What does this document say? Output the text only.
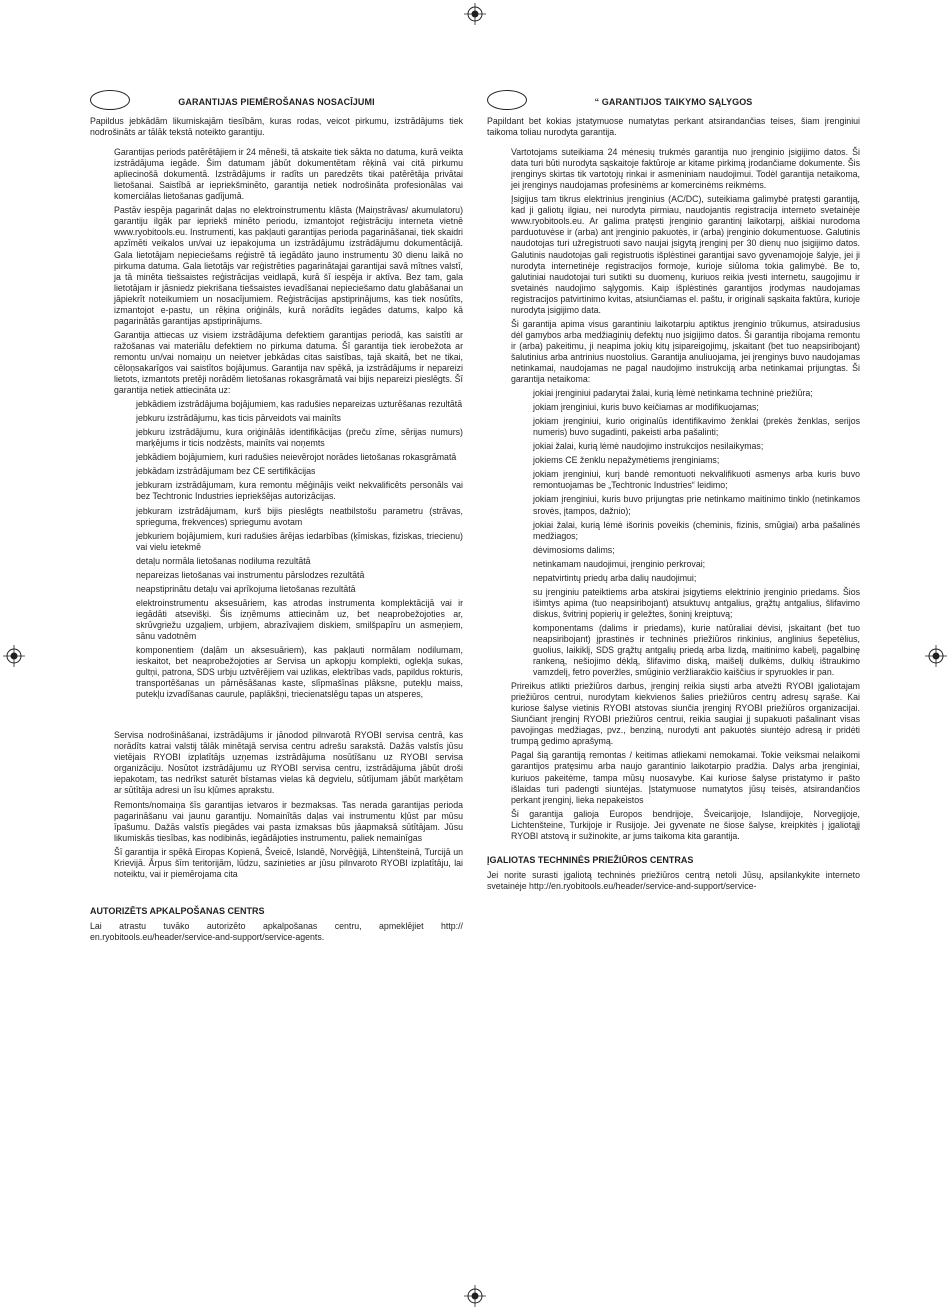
GARANTIJAS PIEMĒROŠANAS NOSACĪJUMI

Papildus jebkādām likumiskajām tiesībām, kuras rodas, veicot pirkumu, izstrādājums tiek nodrošināts ar tālāk tekstā noteikto garantiju.

Garantijas periods patērētājiem ir 24 mēneši, tā atskaite tiek sākta no datuma, kurā veikta izstrādājuma iegāde. Šim datumam jābūt dokumentētam rēķinā vai citā pirkumu apliecinošā dokumentā. Izstrādājums ir radīts un paredzēts tikai patērētāja privātai lietošanai. Saistībā ar iepriekšminēto, garantija netiek nodrošināta profesionālas vai komerciālas lietošanas gadījumā.

Pastāv iespēja pagarināt daļas no elektroinstrumentu klāsta (Maiņstrāvas/ akumulatoru) garantiju ilgāk par iepriekš minēto periodu, izmantojot reģistrāciju interneta vietnē www.ryobitools.eu. Instrumenti, kas pakļauti garantijas perioda pagarināšanai, tiek skaidri apzīmēti veikalos un/vai uz iepakojuma un izstrādājumu izstrādājumu dokumentācijā. Gala lietotājam nepieciešams reģistrē tā iegādāto jauno instrumentu 30 dienu laikā no pirkuma datuma. Gala lietotājs var reģistrēties pagarinātajai garantijai savā mītnes valstī, ja tā minēta tiešsaistes reģistrācijas veidlapā, kurā šī iespēja ir aktīva. Bez tam, gala lietotājam ir jāsniedz piekrišana tiešsaistes ievadīšanai nepieciešamo datu glabāšanai un jāpiekrīt noteikumiem un nosacījumiem. Reģistrācijas apstiprinājums, kas tiek nosūtīts, izmantojot e-pastu, un rēķina oriģināls, kurā norādīts iegādes datums, kalpo kā pagarinātās garantijas apstiprinājums.

Garantija attiecas uz visiem izstrādājuma defektiem garantijas periodā, kas saistīti ar ražošanas vai materiālu defektiem no pirkuma datuma. Šī garantija tiek ierobežota ar remontu un/vai nomaiņu un neietver jebkādas citas saistības, tajā skaitā, bet ne tikai, cēloņsakarīgos vai saistītos bojājumus. Garantija nav spēkā, ja izstrādājums ir nepareizi lietots, izmantots pretēji norādēm lietošanas rokasgrāmatā vai bijis nepareizi pieslēgts. Šī garantija netiek attiecināta uz:

jebkādiem izstrādājuma bojājumiem, kas radušies nepareizas uzturēšanas rezultātā
jebkuru izstrādājumu, kas ticis pārveidots vai mainīts
jebkuru izstrādājumu, kura oriģinālās identifikācijas (preču zīme, sērijas numurs) marķējums ir ticis nodzēsts, mainīts vai noņemts
jebkādiem bojājumiem, kuri radušies neievērojot norādes lietošanas rokasgrāmatā
jebkādam izstrādājumam bez CE sertifikācijas
jebkuram izstrādājumam, kura remontu mēģinājis veikt nekvalificēts personāls vai bez Techtronic Industries iepriekšējas autorizācijas.
jebkuram izstrādājumam, kurš bijis pieslēgts neatbilstošu parametru (strāvas, sprieguma, frekvences) spriegumu avotam
jebkuriem bojājumiem, kuri radušies ārējas iedarbības (ķīmiskas, fiziskas, triecienu) vai vielu ietekmē
detaļu normāla lietošanas nodiluma rezultātā
nepareizas lietošanas vai instrumentu pārslodzes rezultātā
neapstiprinātu detaļu vai aprīkojuma lietošanas rezultātā
elektroinstrumentu aksesuāriem, kas atrodas instrumenta komplektācijā vai ir iegādāti atsevišķi. Šis izņēmums attiecinām uz, bet neaprobežojoties ar, skrūvgriežu uzgaļiem, urbjiem, abrazīvajiem diskiem, smilšpapīru un asmeņiem, sānu vadotnēm
komponentiem (daļām un aksesuāriem), kas pakļauti normālam nodilumam, ieskaitot, bet neaprobežojoties ar Servisa un apkopju komplekti, oglekļa sukas, gultņi, patrona, SDS urbju uztvērējiem vai uzlikas, elektrības vads, papildus rokturis, transportēšanas un pārnēsāšanas kaste, slīpmašīnas plāksne, putekļu maiss, putekļu izvadīšanas caurule, paplākšņi, triecienatslēgu tapas un atsperes,

Servisa nodrošināšanai, izstrādājums ir jānodod pilnvarotā RYOBI servisa centrā, kas norādīts katrai valstij tālāk minētajā servisa centru adrešu sarakstā. Dažās valstīs jūsu vietējais RYOBI izplatītājs uzņemas izstrādājuma nosūtīšanu uz RYOBI servisa organizāciju. Nosūtot izstrādājumu uz RYOBI servisa centru, izstrādājuma jābūt droši iepakotam, tas nedrīkst saturēt bīstamas vielas kā degvielu, sūtījumam jābūt marķētam ar sūtītāja adresi un īsu kļūmes aprakstu.

Remonts/nomaiņa šīs garantijas ietvaros ir bezmaksas. Tas nerada garantijas perioda pagarināšanu vai jaunu garantiju. Nomainītās daļas vai instrumentu kļūst par mūsu īpašumu. Dažās valstīs piegādes vai pasta izmaksas būs jāapmaksā sūtītājam. Jūsu likumiskās tiesības, kas nodibinās, iegādājoties instrumentu, paliek nemainīgas

Šī garantija ir spēkā Eiropas Kopienā, Šveicē, Islandē, Norvēģijā, Lihtenšteinā, Turcijā un Krievijā. Ārpus šīm teritorijām, lūdzu, sazinieties ar jūsu pilnvaroto RYOBI izplatītāju, lai noteiktu, vai ir piemērojama cita

AUTORIZĒTS APKALPOŠANAS CENTRS

Lai atrastu tuvāko autorizēto apkalpošanas centru, apmeklējiet http:// en.ryobitools.eu/header/service-and-support/service-agents.

“ GARANTIJOS TAIKYMO SĄLYGOS

Papildant bet kokias įstatymuose numatytas perkant atsirandančias teises, šiam įrenginiui taikoma toliau nurodyta garantija.

Vartotojams suteikiama 24 mėnesių trukmės garantija nuo įrenginio įsigijimo datos. Ši data turi būti nurodyta sąskaitoje faktūroje ar kitame pirkimą įrodančiame dokumente. Šis įrenginys skirtas tik vartotojų rinkai ir asmeniniam naudojimui. Todėl garantija netaikoma, jei įrenginys naudojamas profesinėms ar komercinėms reikmėms.

Įsigijus tam tikrus elektrinius įrenginius (AC/DC), suteikiama galimybė pratęsti garantiją, kad ji galiotų ilgiau, nei nurodyta pirmiau, naudojantis registracija interneto svetainėje www.ryobitools.eu. Ar galima pratęsti įrenginio garantinį laikotarpį, aiškiai nurodoma parduotuvėse ir (arba) ant įrenginio pakuotės, ir (arba) įrenginio dokumentuose. Galutinis naudotojas turi užregistruoti savo naujai įsigytą įrenginį per 30 dienų nuo įsigijimo datos. Galutinis naudotojas gali registruotis išplėstinei garantijai savo gyvenamojoje šalyje, jei ji nurodyta internetinėje registracijos formoje, kurioje siūloma tokia galimybė. Be to, galutiniai naudotojai turi sutikti su duomenų, kuriuos reikia įvesti internetu, saugojimu ir svetainės naudojimo sąlygomis. Kaip išplėstinės garantijos įrodymas naudojamas registracijos patvirtinimo kvitas, atsiunčiamas el. paštu, ir originali sąskaita faktūra, kurioje nurodyta įsigijimo data.

Ši garantija apima visus garantiniu laikotarpiu aptiktus įrenginio trūkumus, atsiradusius dėl gamybos arba medžiaginių defektų nuo įsigijimo datos. Ši garantija ribojama remontu ir (arba) pakeitimu, ji neapima jokių kitų įsipareigojimų, įskaitant (bet tuo neapsiribojant) šalutinius arba antrinius nuostolius. Garantija anuliuojama, jei įrenginys buvo naudojamas netinkamai, naudojamas ne pagal naudojimo instrukciją arba netinkamai prijungtas. Ši garantija netaikoma:

jokiai įrenginiui padarytai žalai, kurią lėmė netinkama techninė priežiūra;
jokiam įrenginiui, kuris buvo keičiamas ar modifikuojamas;
jokiam įrenginiui, kurio originalūs identifikavimo ženklai (prekės ženklas, serijos numeris) buvo sugadinti, pakeisti arba pašalinti;
jokiai žalai, kurią lėmė naudojimo instrukcijos nesilaikymas;
jokiems CE ženklu nepažymėtiems įrenginiams;
jokiam įrenginiui, kurį bandė remontuoti nekvalifikuoti asmenys arba kuris buvo remontuojamas be „Techtronic Industries“ leidimo;
jokiam įrenginiui, kuris buvo prijungtas prie netinkamo maitinimo tinklo (netinkamos srovės, įtampos, dažnio);
jokiai žalai, kurią lėmė išorinis poveikis (cheminis, fizinis, smūgiai) arba pašalinės medžiagos;
dėvimosioms dalims;
netinkamam naudojimui, įrenginio perkrovai;
nepatvirtintų priedų arba dalių naudojimui;
su įrenginiu pateiktiems arba atskirai įsigytiems elektrinio įrenginio priedams. Šios išimtys apima (tuo neapsiribojant) atsuktuvų antgalius, grąžtų antgalius, šlifavimo diskus, švitrinį popierių ir geležtes, šoninį kreiptuvą;
komponentams (dalims ir priedams), kurie natūraliai dėvisi, įskaitant (bet tuo neapsiribojant) įprastinės ir techninės priežiūros rinkinius, anglinius šepetėlius, guolius, laikiklį, SDS grąžtų antgalių priedą arba lizdą, maitinimo kabelį, pagalbinę rankeną, nešiojimo dėklą, šlifavimo diską, maišelį dulkėms, dulkių ištraukimo vamzdelį, fetro poveržles, smūginio veržliarakčio kaiščius ir spyruokles ir pan.

Prireikus atlikti priežiūros darbus, įrenginį reikia siųsti arba atvežti RYOBI įgaliotajam priežiūros centrui, nurodytam kiekvienos šalies priežiūros centrų adresų sąraše. Kai kuriose šalyse vietinis RYOBI atstovas siunčia įrenginį RYOBI priežiūros organizacijai. Siunčiant įrenginį RYOBI priežiūros centrui, reikia saugiai jį supakuoti pašalinant visas pavojingas medžiagas, pvz., benziną, nurodyti ant pakuotės siuntėjo adresą ir pridėti trumpą gedimo aprašymą.

Pagal šią garantiją remontas / keitimas atliekami nemokamai. Tokie veiksmai nelaikomi garantijos pratęsimu arba naujo garantinio laikotarpio pradžia. Dalys arba įrenginiai, kuriuos pakeitėme, tampa mūsų nuosavybe. Kai kuriose šalyse pristatymo ir pašto išlaidas turi padengti siuntėjas. Įstatymuose numatytos jūsų teisės, atsirandančios perkant įrenginį, lieka nepakeistos

Ši garantija galioja Europos bendrijoje, Šveicarijoje, Islandijoje, Norvegijoje, Lichtenšteine, Turkijoje ir Rusijoje. Jei gyvenate ne šiose šalyse, kreipkitės į įgaliotąjį RYOBI atstovą ir sužinokite, ar jums taikoma kita garantija.

ĮGALIOTAS TECHNINĖS PRIEŽIŪROS CENTRAS

Jei norite surasti įgaliotą techninės priežiūros centrą netoli Jūsų, apsilankykite interneto svetainėje http://en.ryobitools.eu/header/service-and-support/service-
